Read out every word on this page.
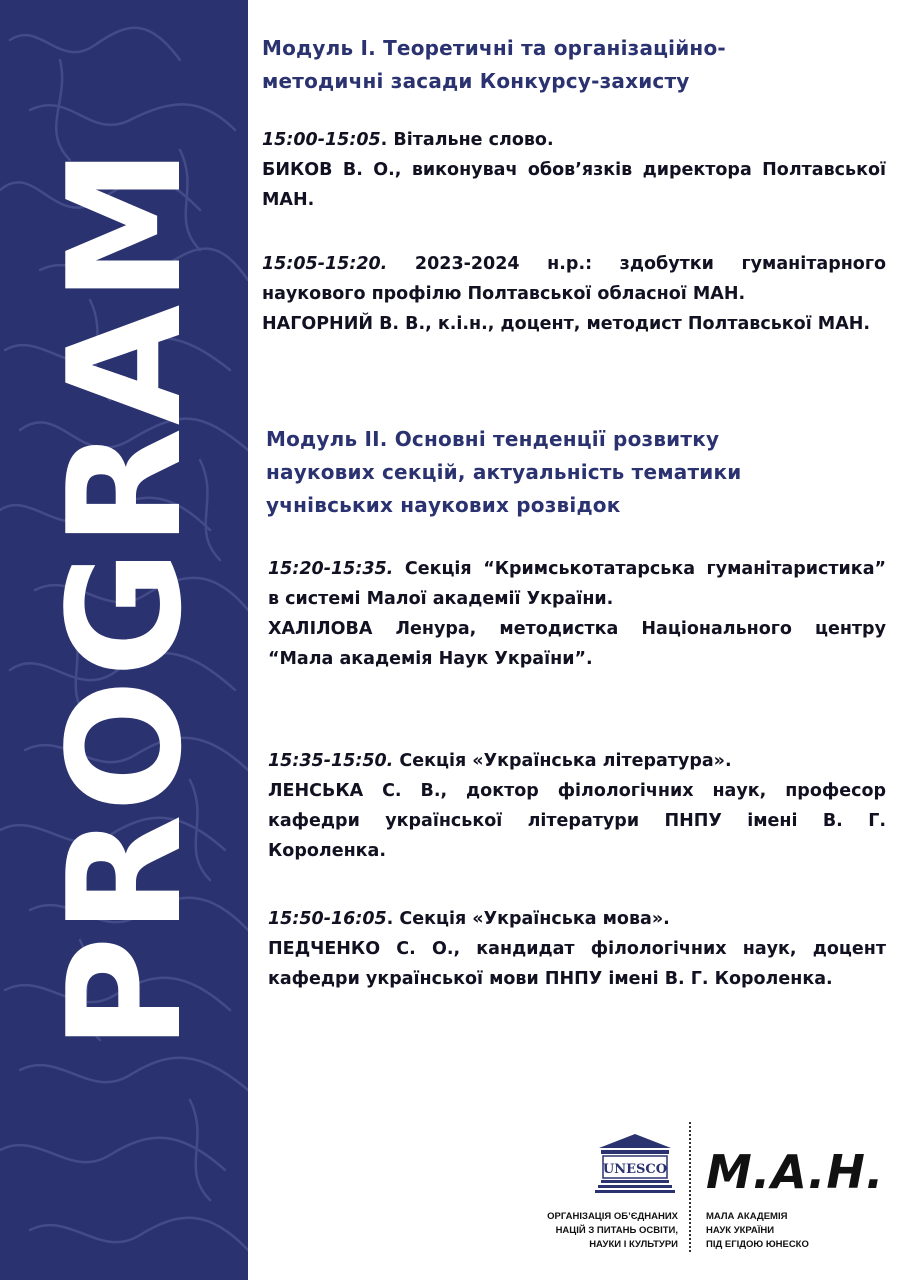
PROGRAM
Модуль І. Теоретичні та організаційно-
методичні засади Конкурсу-захисту

15:00-15:05. Вітальне слово.

БИКОВ В. О., виконувач обов’язків директора Полтавської МАН.

15:05-15:20. 2023-2024 н.р.: здобутки гуманітарного наукового профілю Полтавської обласної МАН.

НАГОРНИЙ В. В., к.і.н., доцент, методист Полтавської МАН.

Модуль ІІ. Основні тенденції розвитку
наукових секцій, актуальність тематики
учнівських наукових розвідок

15:20-15:35. Секція “Кримськотатарська гуманітаристика” в системі Малої академії України.

ХАЛІЛОВА Ленура, методистка Національного центру “Мала академія Наук України”.

15:35-15:50. Секція «Українська література».

ЛЕНСЬКА С. В., доктор філологічних наук, професор кафедри української літератури ПНПУ імені В. Г. Короленка.

15:50-16:05. Секція «Українська мова».

ПЕДЧЕНКО С. О., кандидат філологічних наук, доцент кафедри української мови ПНПУ імені В. Г. Короленка.

UNESCO
ОРГАНІЗАЦІЯ ОБ’ЄДНАНИХ
НАЦІЙ З ПИТАНЬ ОСВІТИ,
НАУКИ І КУЛЬТУРИ
М.А.Н.
МАЛА АКАДЕМІЯ
НАУК УКРАЇНИ
ПІД ЕГІДОЮ ЮНЕСКО
